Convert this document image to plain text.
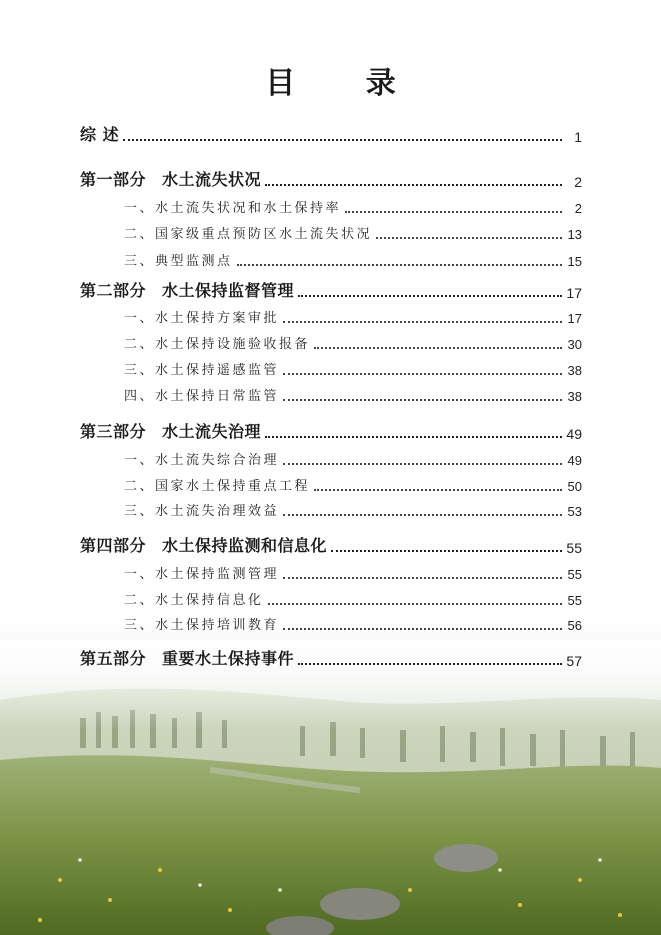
目 录
综 述	1
第一部分 水土流失状况	2
一、水土流失状况和水土保持率	2
二、国家级重点预防区水土流失状况	13
三、典型监测点	15
第二部分 水土保持监督管理	17
一、水土保持方案审批	17
二、水土保持设施验收报备	30
三、水土保持遥感监管	38
四、水土保持日常监管	38
第三部分 水土流失治理	49
一、水土流失综合治理	49
二、国家水土保持重点工程	50
三、水土流失治理效益	53
第四部分 水土保持监测和信息化	55
一、水土保持监测管理	55
二、水土保持信息化	55
三、水土保持培训教育	56
第五部分 重要水土保持事件	57
